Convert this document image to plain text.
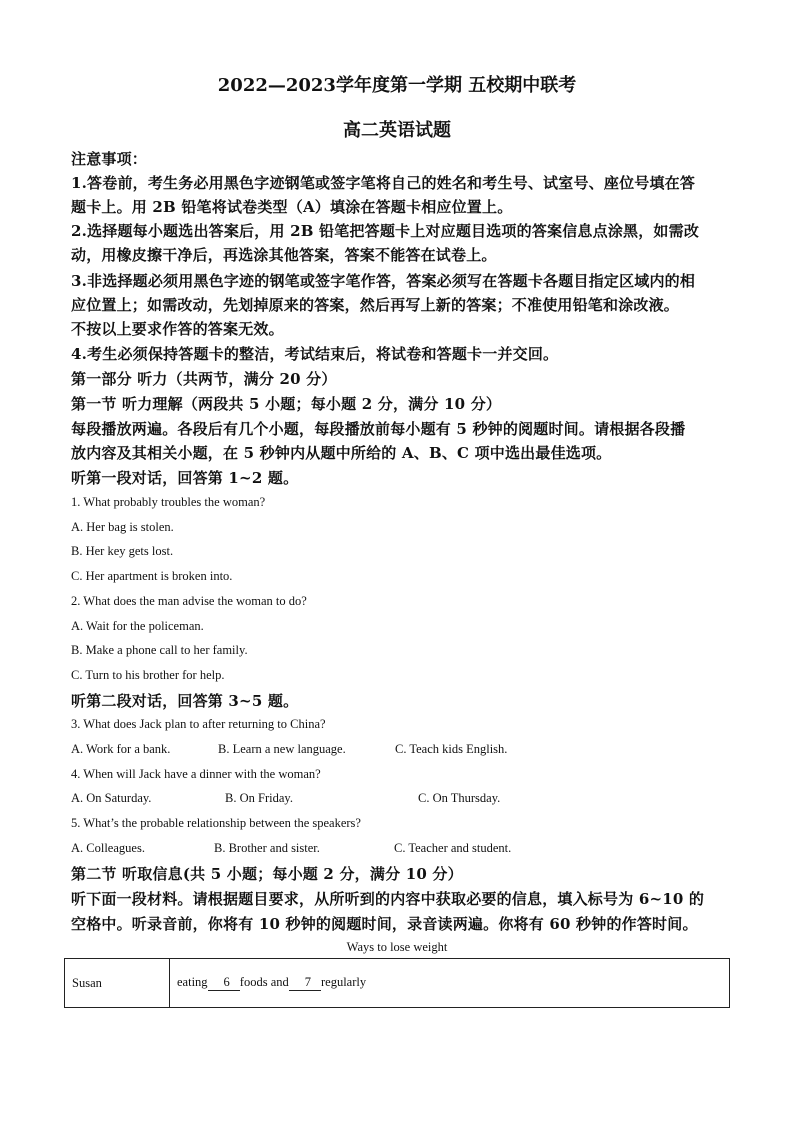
2022—2023学年度第一学期 五校期中联考
高二英语试题
注意事项：
1.答卷前，考生务必用黑色字迹钢笔或签字笔将自己的姓名和考生号、试室号、座位号填在答
题卡上。用 2B 铅笔将试卷类型（A）填涂在答题卡相应位置上。
2.选择题每小题选出答案后，用 2B 铅笔把答题卡上对应题目选项的答案信息点涂黑，如需改
动，用橡皮擦干净后，再选涂其他答案，答案不能答在试卷上。
3.非选择题必须用黑色字迹的钢笔或签字笔作答，答案必须写在答题卡各题目指定区域内的相
应位置上；如需改动，先划掉原来的答案，然后再写上新的答案；不准使用铅笔和涂改液。
不按以上要求作答的答案无效。
4.考生必须保持答题卡的整洁，考试结束后，将试卷和答题卡一并交回。
第一部分 听力（共两节，满分 20 分）
第一节 听力理解（两段共 5 小题；每小题 2 分，满分 10 分）
每段播放两遍。各段后有几个小题，每段播放前每小题有 5 秒钟的阅题时间。请根据各段播
放内容及其相关小题，在 5 秒钟内从题中所给的 A、B、C 项中选出最佳选项。
听第一段对话，回答第 1~2 题。
1. What probably troubles the woman?
A. Her bag is stolen.
B. Her key gets lost.
C. Her apartment is broken into.
2. What does the man advise the woman to do?
A. Wait for the policeman.
B. Make a phone call to her family.
C. Turn to his brother for help.
听第二段对话，回答第 3~5 题。
3. What does Jack plan to after returning to China?
A. Work for a bank.	B. Learn a new language.	C. Teach kids English.
4. When will Jack have a dinner with the woman?
A. On Saturday.	B. On Friday.	C. On Thursday.
5. What’s the probable relationship between the speakers?
A. Colleagues.	B. Brother and sister.	C. Teacher and student.
第二节 听取信息(共 5 小题；每小题 2 分，满分 10 分）
听下面一段材料。请根据题目要求，从所听到的内容中获取必要的信息，填入标号为 6~10 的
空格中。听录音前，你将有 10 秒钟的阅题时间，录音读两遍。你将有 60 秒钟的作答时间。
Ways to lose weight
Susan	eating 6 foods and 7 regularly
